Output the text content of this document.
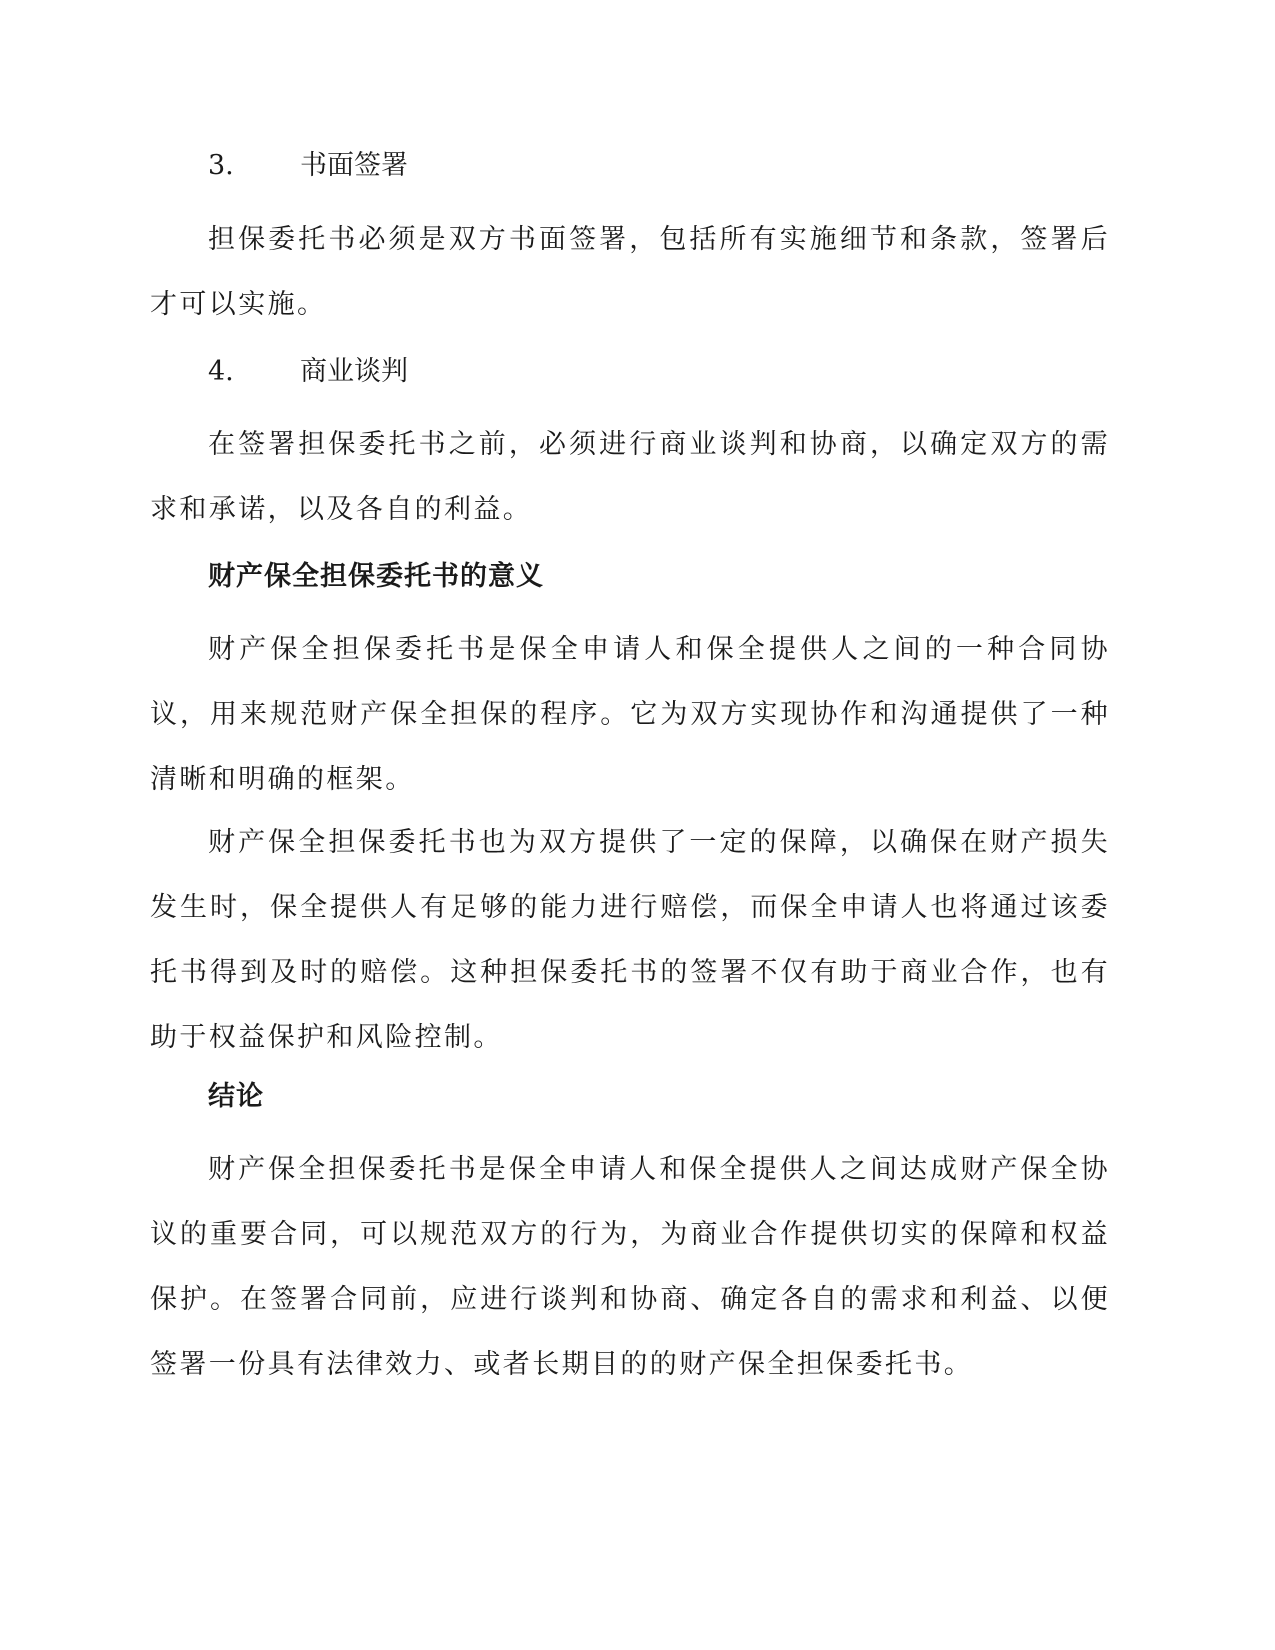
3. 书面签署

担保委托书必须是双方书面签署，包括所有实施细节和条款，签署后才可以实施。

4. 商业谈判

在签署担保委托书之前，必须进行商业谈判和协商，以确定双方的需求和承诺，以及各自的利益。

财产保全担保委托书的意义

财产保全担保委托书是保全申请人和保全提供人之间的一种合同协议，用来规范财产保全担保的程序。它为双方实现协作和沟通提供了一种清晰和明确的框架。

财产保全担保委托书也为双方提供了一定的保障，以确保在财产损失发生时，保全提供人有足够的能力进行赔偿，而保全申请人也将通过该委托书得到及时的赔偿。这种担保委托书的签署不仅有助于商业合作，也有助于权益保护和风险控制。

结论

财产保全担保委托书是保全申请人和保全提供人之间达成财产保全协议的重要合同，可以规范双方的行为，为商业合作提供切实的保障和权益保护。在签署合同前，应进行谈判和协商、确定各自的需求和利益、以便签署一份具有法律效力、或者长期目的的财产保全担保委托书。
